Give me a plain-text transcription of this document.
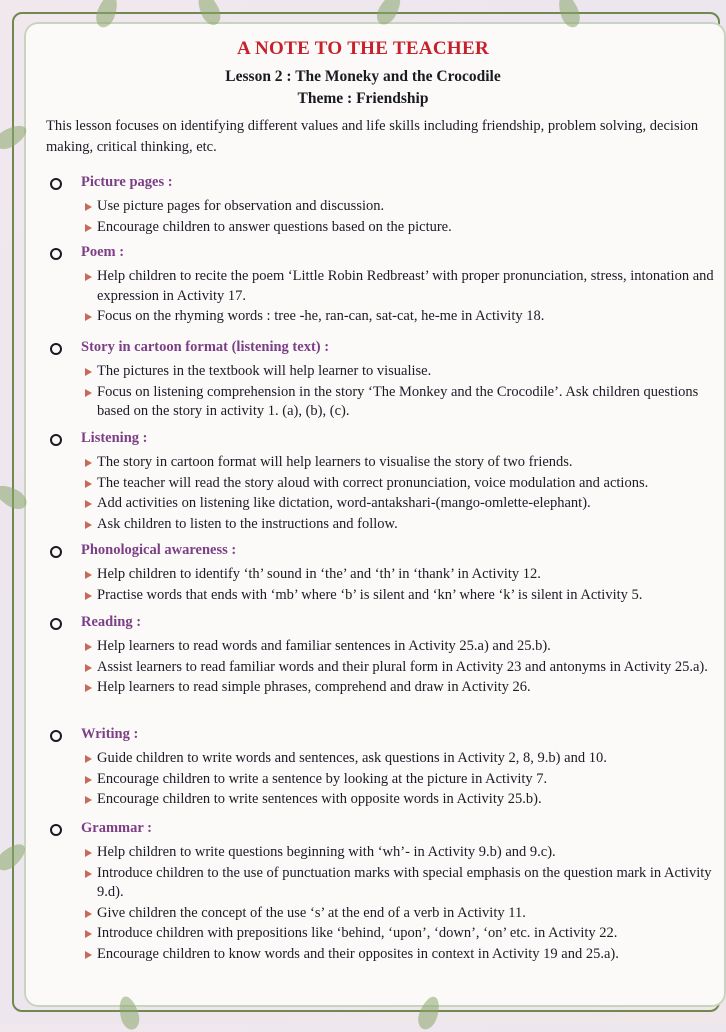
A NOTE TO THE TEACHER
Lesson 2 : The Moneky and the Crocodile
Theme : Friendship
This lesson focuses on identifying different values and life skills including friendship, problem solving, decision making, critical thinking, etc.
Picture pages :
Use picture pages for observation and discussion.
Encourage children to answer questions based on the picture.
Poem :
Help children to recite the poem ‘Little Robin Redbreast’ with proper pronunciation, stress, intonation and expression in Activity 17.
Focus on the rhyming words : tree -he, ran-can, sat-cat, he-me in Activity 18.
Story in cartoon format (listening text) :
The pictures in the textbook will help learner to visualise.
Focus on listening comprehension in the story ‘The Monkey and the Crocodile’. Ask children questions based on the story in activity 1. (a), (b), (c).
Listening :
The story in cartoon format will help learners to visualise the story of two friends.
The teacher will read the story aloud with correct pronunciation, voice modulation and actions.
Add activities on listening like dictation, word-antakshari-(mango-omlette-elephant).
Ask children to listen to the instructions and follow.
Phonological awareness :
Help children to identify ‘th’ sound in ‘the’ and ‘th’ in ‘thank’ in Activity 12.
Practise words that ends with ‘mb’ where ‘b’ is silent and ‘kn’ where ‘k’ is silent in Activity 5.
Reading :
Help learners to read words and familiar sentences in Activity 25.a) and 25.b).
Assist learners to read familiar words and their plural form in Activity 23 and antonyms in Activity 25.a).
Help learners to read simple phrases, comprehend and draw in Activity 26.
Writing :
Guide children to write words and sentences, ask questions in Activity 2, 8, 9.b) and 10.
Encourage children to write a sentence by looking at the picture in Activity 7.
Encourage children to write sentences with opposite words in Activity 25.b).
Grammar :
Help children to write questions beginning with ‘wh’- in Activity 9.b) and 9.c).
Introduce children to the use of punctuation marks with special emphasis on the question mark in Activity 9.d).
Give children the concept of the use ‘s’ at the end of a verb in Activity 11.
Introduce children with prepositions like ‘behind, ‘upon’, ‘down’, ‘on’ etc. in Activity 22.
Encourage children to know words and their opposites in context in Activity 19 and 25.a).
